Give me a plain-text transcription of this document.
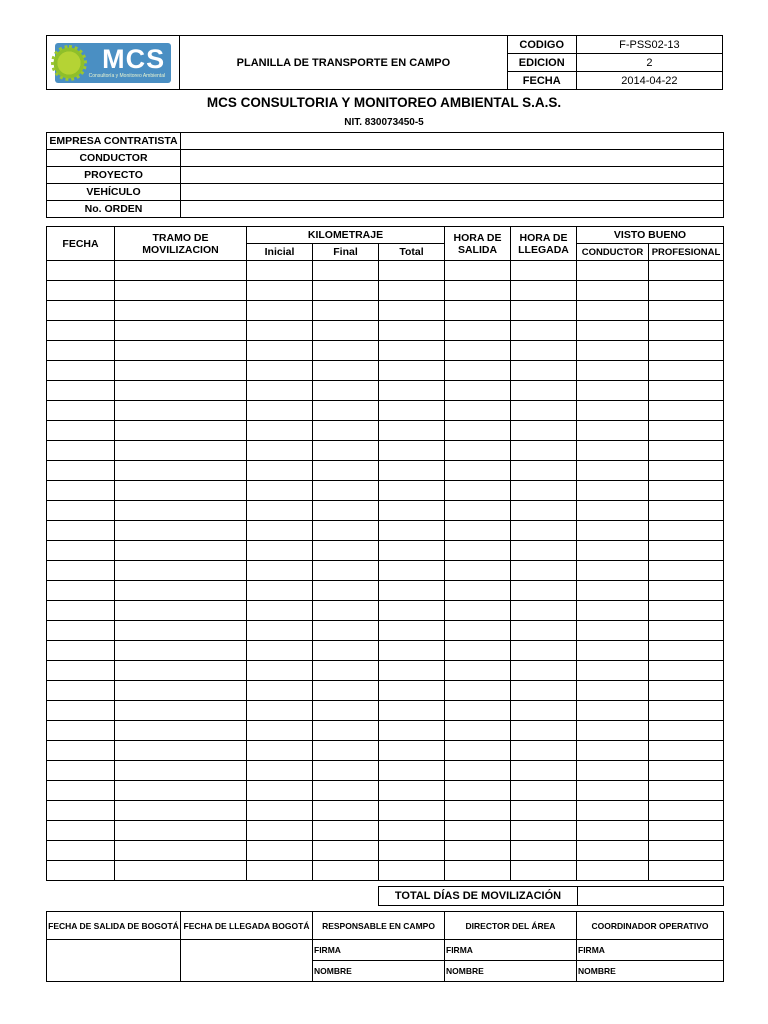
MCS
Consultoría y Monitoreo Ambiental	PLANILLA DE TRANSPORTE EN CAMPO	CODIGO	F-PSS02-13
		EDICION	2
		FECHA	2014-04-22
MCS CONSULTORIA Y MONITOREO AMBIENTAL S.A.S.
NIT. 830073450-5
EMPRESA CONTRATISTA	
CONDUCTOR	
PROYECTO	
VEHÍCULO	
No. ORDEN	
FECHA	TRAMO DE MOVILIZACION	KILOMETRAJE			HORA DE SALIDA	HORA DE LLEGADA	VISTO BUENO	
		Inicial	Final	Total			CONDUCTOR	PROFESIONAL

TOTAL DÍAS DE MOVILIZACIÓN	
FECHA DE SALIDA DE BOGOTÁ	FECHA DE LLEGADA BOGOTÁ	RESPONSABLE EN CAMPO	DIRECTOR DEL ÁREA	COORDINADOR OPERATIVO
		FIRMA	FIRMA	FIRMA
		NOMBRE	NOMBRE	NOMBRE
